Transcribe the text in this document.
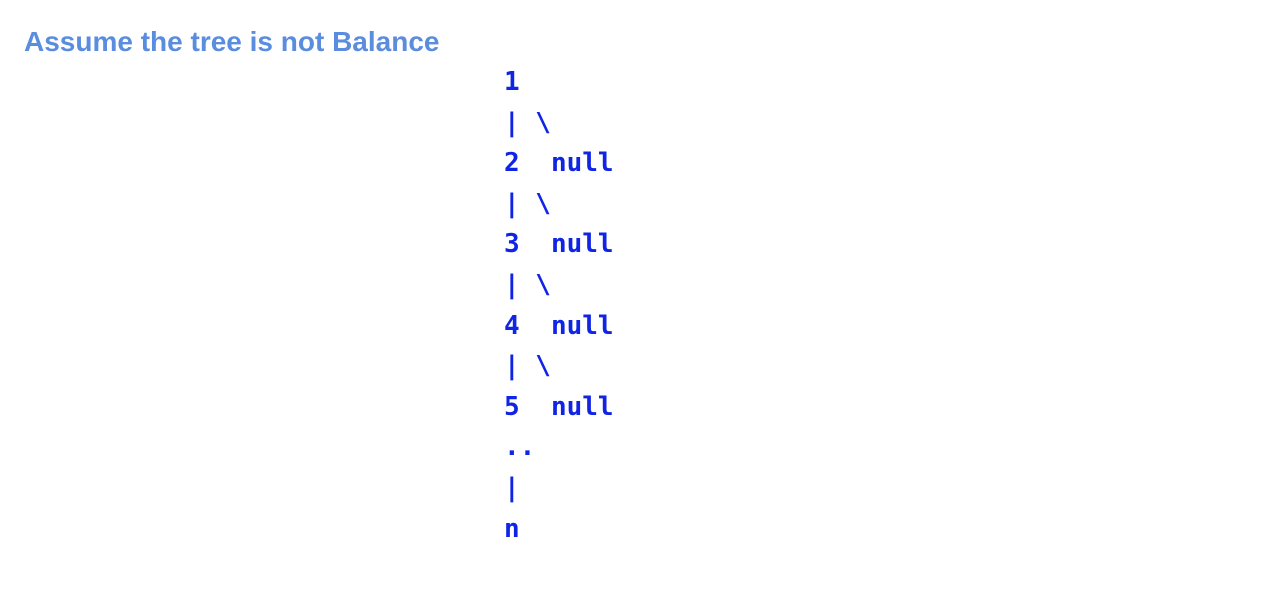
Assume the tree is not Balance
1
| \
2  null
| \
3  null
| \
4  null
| \
5  null
..
|
n
